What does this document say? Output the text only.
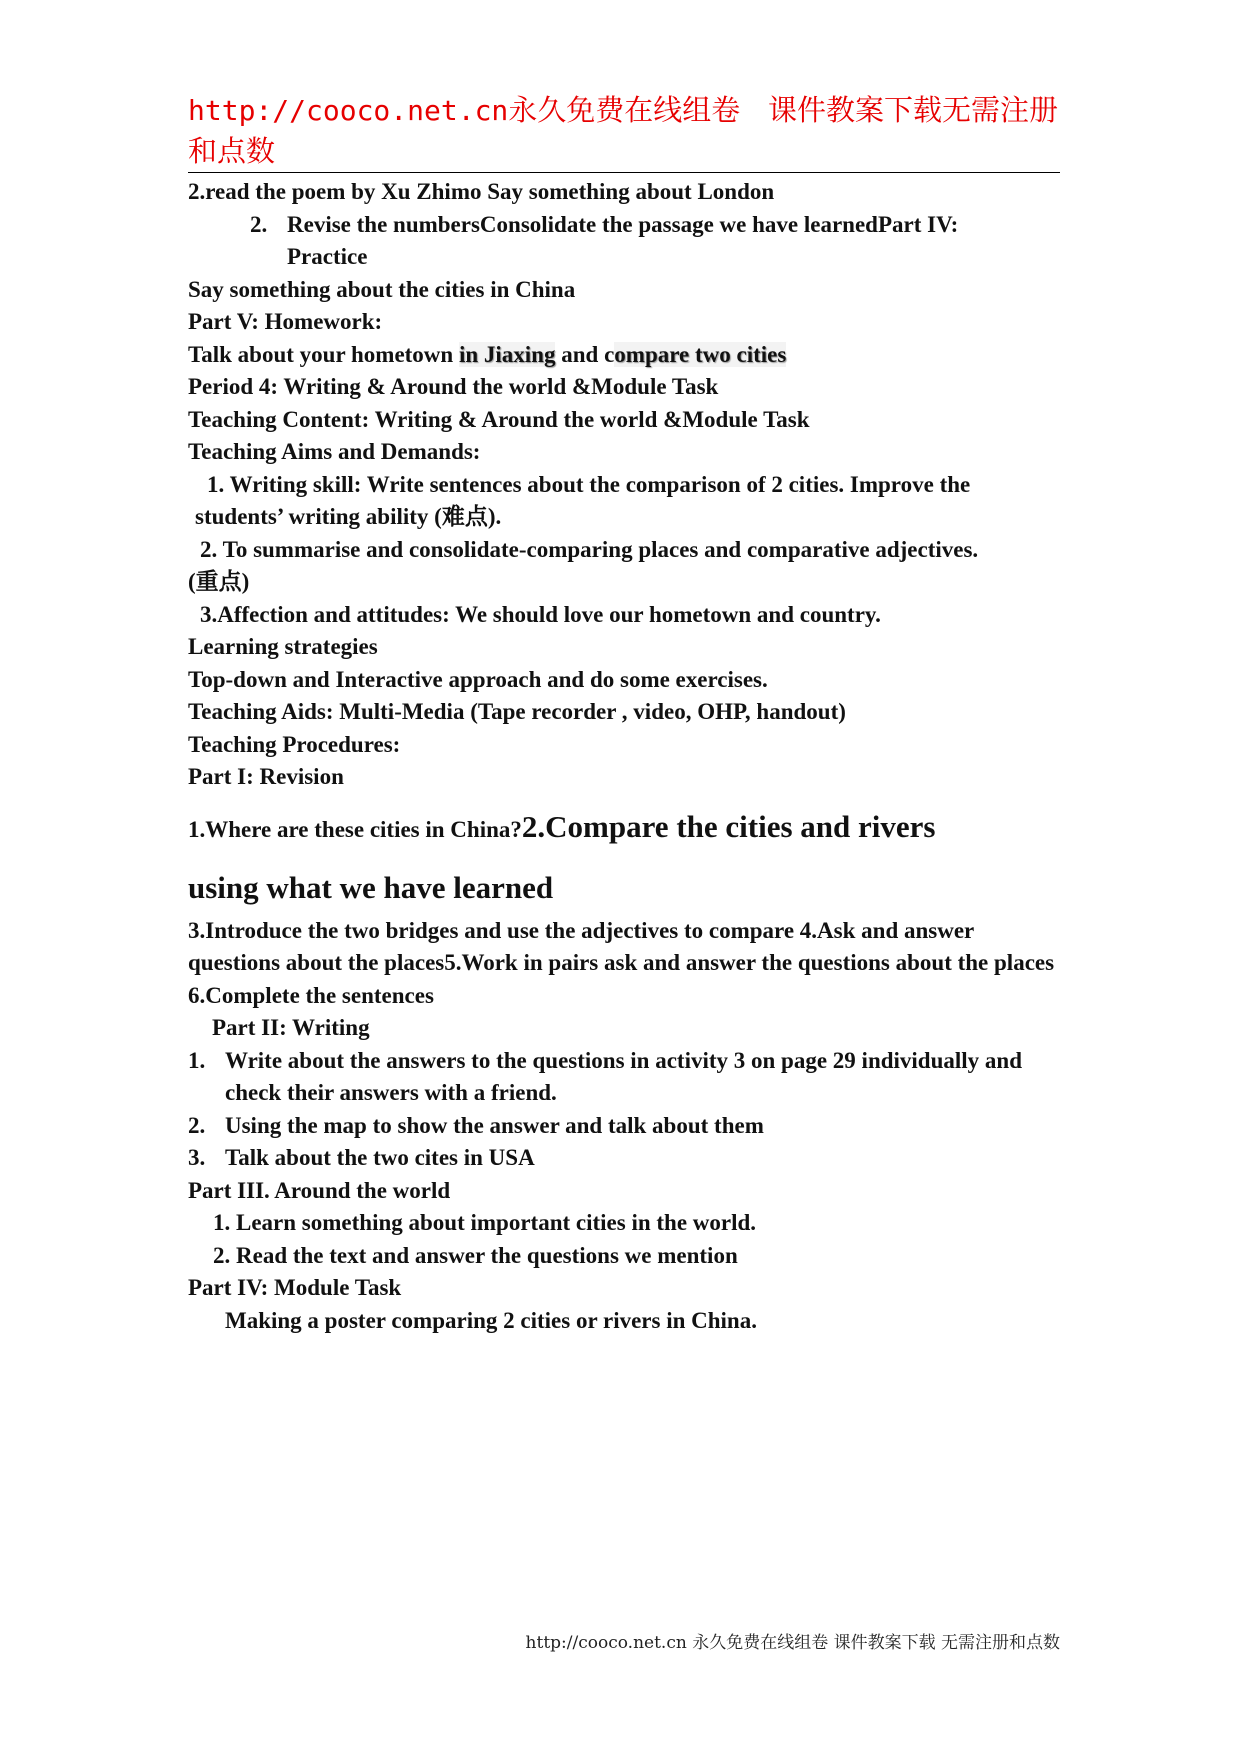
http://cooco.net.cn永久免费在线组卷 课件教案下载无需注册和点数
2.read the poem by Xu Zhimo Say something about London
2. Revise the numbersConsolidate the passage we have learnedPart IV: Practice
Say something about the cities in China
Part V: Homework:
Talk about your hometown in Jiaxing and compare two cities
Period 4: Writing & Around the world &Module Task
Teaching Content: Writing & Around the world &Module Task
Teaching Aims and Demands:
1. Writing skill: Write sentences about the comparison of 2 cities. Improve the
students’ writing ability (难点).
2. To summarise and consolidate-comparing places and comparative adjectives.
(重点)
3.Affection and attitudes: We should love our hometown and country.
Learning strategies
Top-down and Interactive approach and do some exercises.
Teaching Aids: Multi-Media (Tape recorder , video, OHP, handout)
Teaching Procedures:
Part I: Revision
1.Where are these cities in China?2.Compare the cities and rivers
using what we have learned
3.Introduce the two bridges and use the adjectives to compare 4.Ask and answer questions about the places5.Work in pairs ask and answer the questions about the places
6.Complete the sentences
Part II: Writing
1. Write about the answers to the questions in activity 3 on page 29 individually and check their answers with a friend.
2. Using the map to show the answer and talk about them
3. Talk about the two cites in USA
Part III. Around the world
1. Learn something about important cities in the world.
2. Read the text and answer the questions we mention
Part IV: Module Task
Making a poster comparing 2 cities or rivers in China.
http://cooco.net.cn 永久免费在线组卷 课件教案下载 无需注册和点数
